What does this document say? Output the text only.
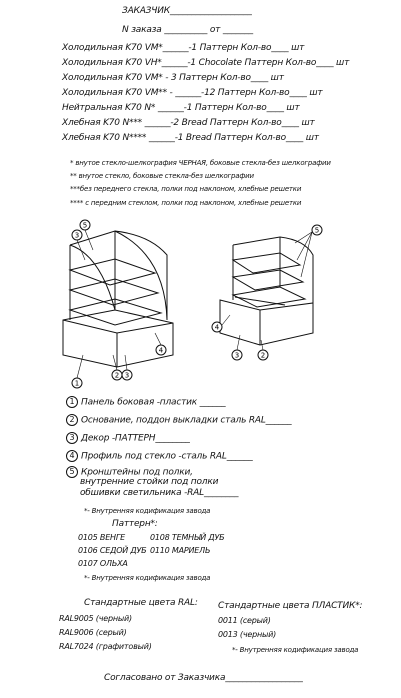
ЗАКАЗЧИК___________________
N заказа __________ от _______
Холодильная K70 VM*______-1 Паттерн Кол-во____ шт
Холодильная K70 VH*______-1 Chocolate Паттерн Кол-во____ шт
Холодильная K70 VM* - 3 Паттерн Кол-во____ шт
Холодильная K70 VM** - ______-12 Паттерн Кол-во____ шт
Нейтральная K70 N* ______-1 Паттерн Кол-во____ шт
Хлебная K70 N*** ______-2 Bread Паттерн Кол-во____ шт
Хлебная K70 N**** ______-1 Bread Паттерн Кол-во____ шт
* внутое стекло-шелкография ЧЕРНАЯ, боковые стекла-без шелкографии
** внутое стекло, боковые стекла-без шелкографии
***без переднего стекла, полки под наклоном, хлебные решетки
**** с передним стеклом, полки под наклоном, хлебные решетки
5
3
1
2 3
4
5
4
3	2
1 Панель боковая -пластик ______
2 Основание, поддон выкладки сталь RAL______
3 Декор -ПАТТЕРН________
4 Профиль под стекло -сталь RAL______
5 Кронштейны под полки,
внутренние стойки под полки
обшивки светильника -RAL________
*- Внутренняя кодификация завода
Паттерн*:
0105 ВЕНГЕ
0106 СЕДОЙ ДУБ
0107 ОЛЬХА
0108 ТЕМНЫЙ ДУБ
0110 МАРИЕЛЬ
*- Внутренняя кодификация завода
Стандартные цвета RAL:
RAL9005 (черный)
RAL9006 (серый)
RAL7024 (графитовый)
Стандартные цвета ПЛАСТИК*:
0011 (серый)
0013 (черный)
*- Внутренняя кодификация завода
Согласовано от Заказчика__________________
